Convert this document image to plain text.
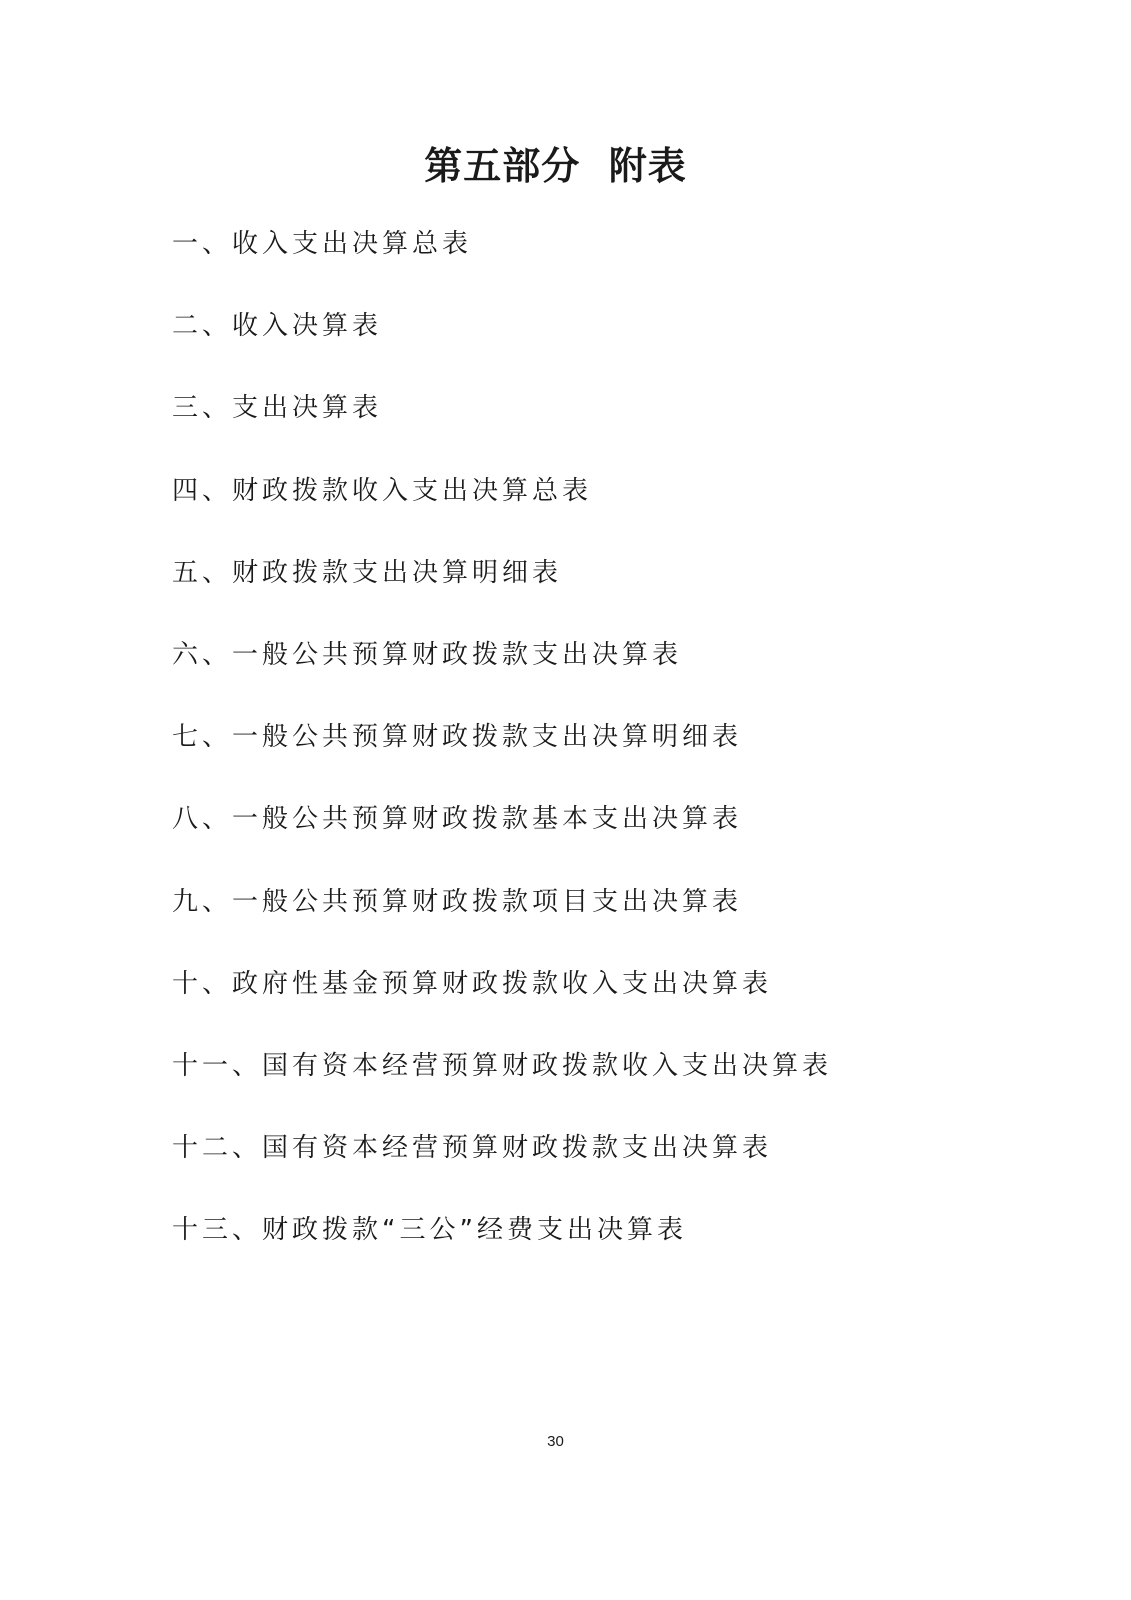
第五部分  附表
一、收入支出决算总表
二、收入决算表
三、支出决算表
四、财政拨款收入支出决算总表
五、财政拨款支出决算明细表
六、一般公共预算财政拨款支出决算表
七、一般公共预算财政拨款支出决算明细表
八、一般公共预算财政拨款基本支出决算表
九、一般公共预算财政拨款项目支出决算表
十、政府性基金预算财政拨款收入支出决算表
十一、国有资本经营预算财政拨款收入支出决算表
十二、国有资本经营预算财政拨款支出决算表
十三、财政拨款“三公”经费支出决算表
30
